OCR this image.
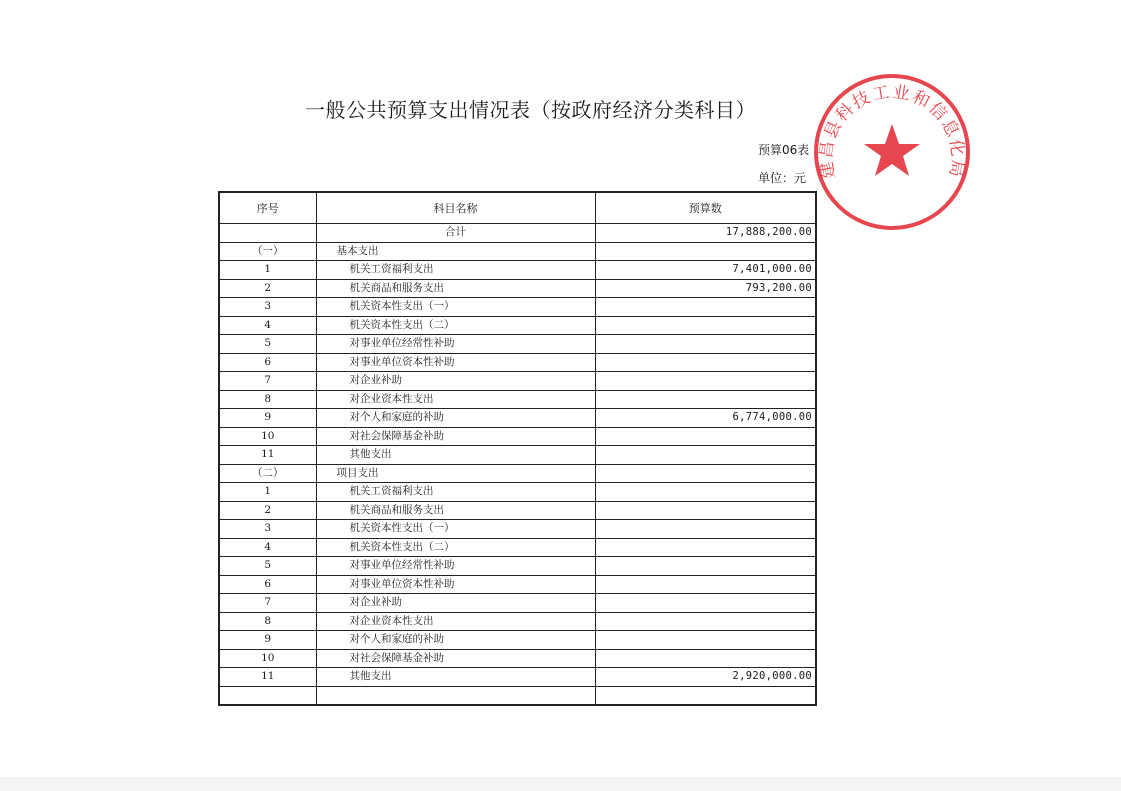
一般公共预算支出情况表（按政府经济分类科目）
预算06表
单位：元
序号	科目名称	预算数
	合计	17,888,200.00
（一）	基本支出	
1	机关工资福利支出	7,401,000.00
2	机关商品和服务支出	793,200.00
3	机关资本性支出（一）	
4	机关资本性支出（二）	
5	对事业单位经常性补助	
6	对事业单位资本性补助	
7	对企业补助	
8	对企业资本性支出	
9	对个人和家庭的补助	6,774,000.00
10	对社会保障基金补助	
11	其他支出	
（二）	项目支出	
1	机关工资福利支出	
2	机关商品和服务支出	
3	机关资本性支出（一）	
4	机关资本性支出（二）	
5	对事业单位经常性补助	
6	对事业单位资本性补助	
7	对企业补助	
8	对企业资本性支出	
9	对个人和家庭的补助	
10	对社会保障基金补助	
11	其他支出	2,920,000.00

建昌县科技工业和信息化局
